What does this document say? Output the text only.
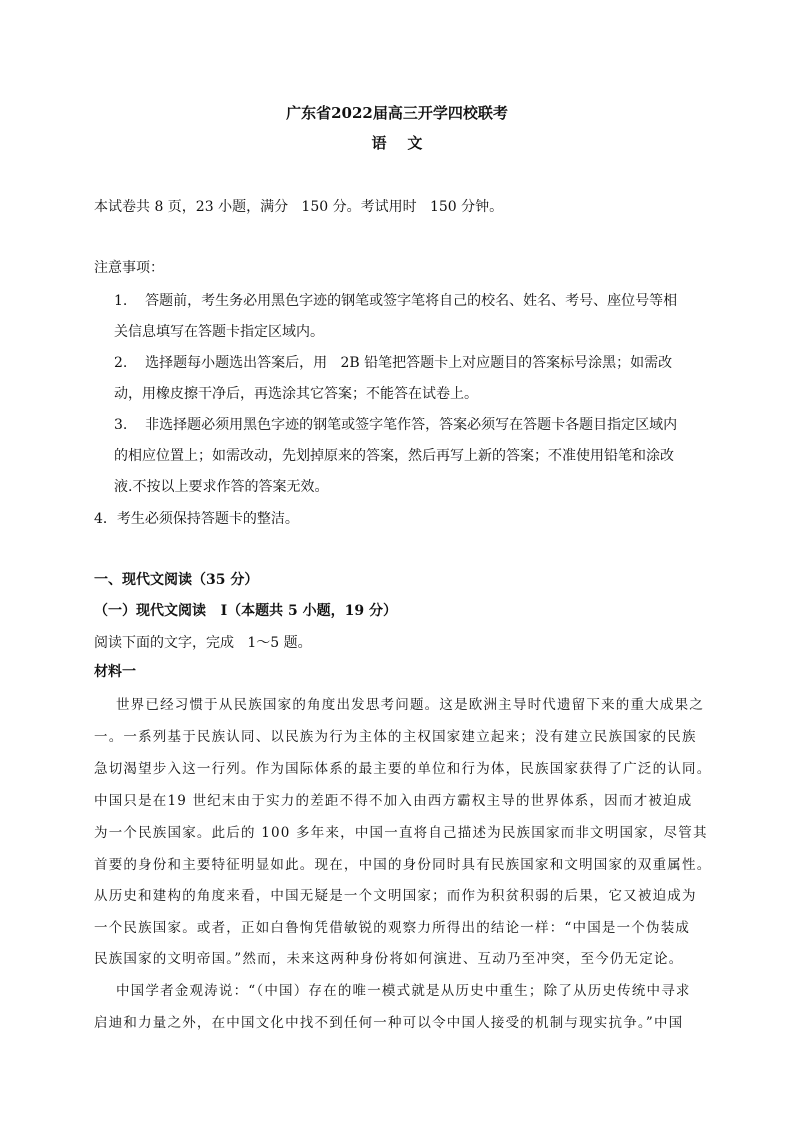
广东省2022届高三开学四校联考
语    文
本试卷共 8 页，23 小题，满分   150 分。考试用时   150 分钟。
注意事项：
1.    答题前，考生务必用黑色字迹的钢笔或签字笔将自己的校名、姓名、考号、座位号等相
关信息填写在答题卡指定区域内。
2.    选择题每小题选出答案后，用   2B 铅笔把答题卡上对应题目的答案标号涂黑；如需改
动，用橡皮擦干净后，再选涂其它答案；不能答在试卷上。
3.    非选择题必须用黑色字迹的钢笔或签字笔作答，答案必须写在答题卡各题目指定区域内
的相应位置上；如需改动，先划掉原来的答案，然后再写上新的答案；不准使用铅笔和涂改
液.不按以上要求作答的答案无效。
4．考生必须保持答题卡的整洁。
一、现代文阅读（35 分）
（一）现代文阅读   I（本题共 5 小题，19 分）
阅读下面的文字，完成   1～5 题。
材料一
世界已经习惯于从民族国家的角度出发思考问题。这是欧洲主导时代遗留下来的重大成果之
一。一系列基于民族认同、以民族为行为主体的主权国家建立起来；没有建立民族国家的民族
急切渴望步入这一行列。作为国际体系的最主要的单位和行为体，民族国家获得了广泛的认同。
中国只是在19 世纪末由于实力的差距不得不加入由西方霸权主导的世界体系，因而才被迫成
为一个民族国家。此后的 100 多年来，中国一直将自己描述为民族国家而非文明国家，尽管其
首要的身份和主要特征明显如此。现在，中国的身份同时具有民族国家和文明国家的双重属性。
从历史和建构的角度来看，中国无疑是一个文明国家；而作为积贫积弱的后果，它又被迫成为
一个民族国家。或者，正如白鲁恂凭借敏锐的观察力所得出的结论一样：“中国是一个伪装成
民族国家的文明帝国。”然而，未来这两种身份将如何演进、互动乃至冲突，至今仍无定论。
中国学者金观涛说：“（中国）存在的唯一模式就是从历史中重生；除了从历史传统中寻求
启迪和力量之外，在中国文化中找不到任何一种可以令中国人接受的机制与现实抗争。”中国
